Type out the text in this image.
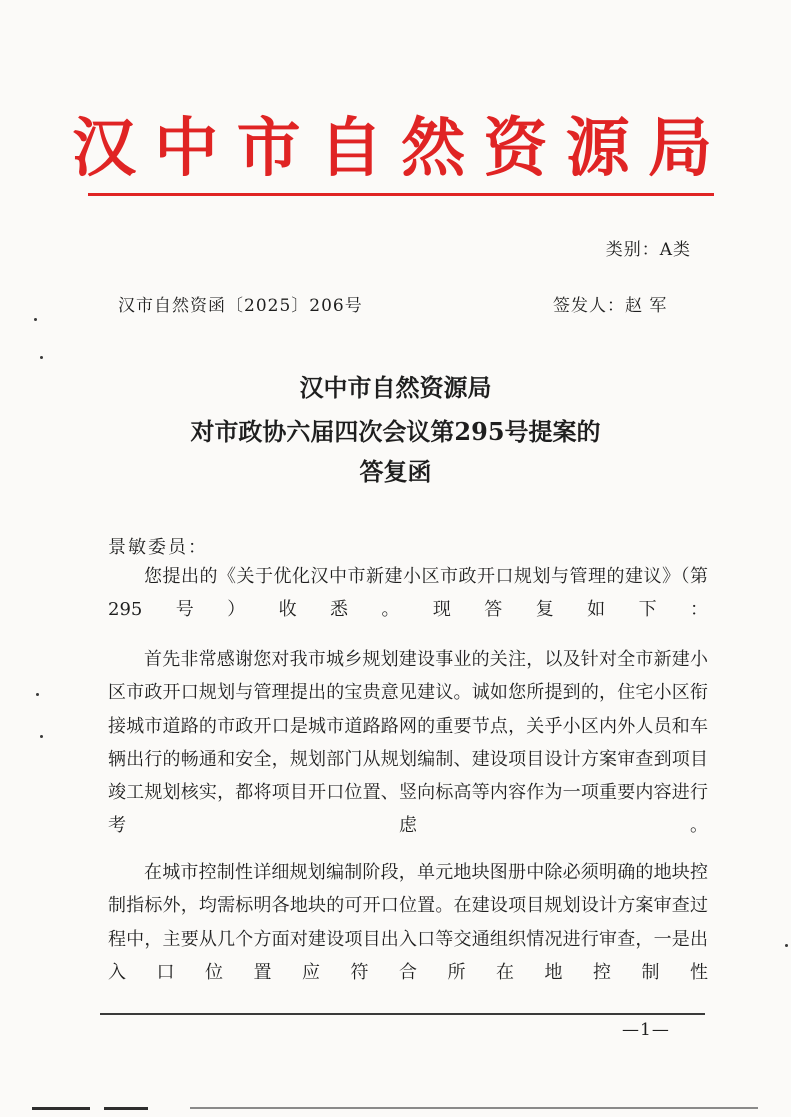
汉 中 市 自 然 资 源 局
类别：A类
汉市自然资函〔2025〕206号	签发人：赵 军
汉中市自然资源局
对市政协六届四次会议第295号提案的
答复函
景敏委员：
您提出的《关于优化汉中市新建小区市政开口规划与管理的建议》（第295号）收悉。现答复如下：
首先非常感谢您对我市城乡规划建设事业的关注，以及针对全市新建小区市政开口规划与管理提出的宝贵意见建议。诚如您所提到的，住宅小区衔接城市道路的市政开口是城市道路路网的重要节点，关乎小区内外人员和车辆出行的畅通和安全，规划部门从规划编制、建设项目设计方案审查到项目竣工规划核实，都将项目开口位置、竖向标高等内容作为一项重要内容进行考虑。
在城市控制性详细规划编制阶段，单元地块图册中除必须明确的地块控制指标外，均需标明各地块的可开口位置。在建设项目规划设计方案审查过程中，主要从几个方面对建设项目出入口等交通组织情况进行审查，一是出入口位置应符合所在地控制性
—1—
